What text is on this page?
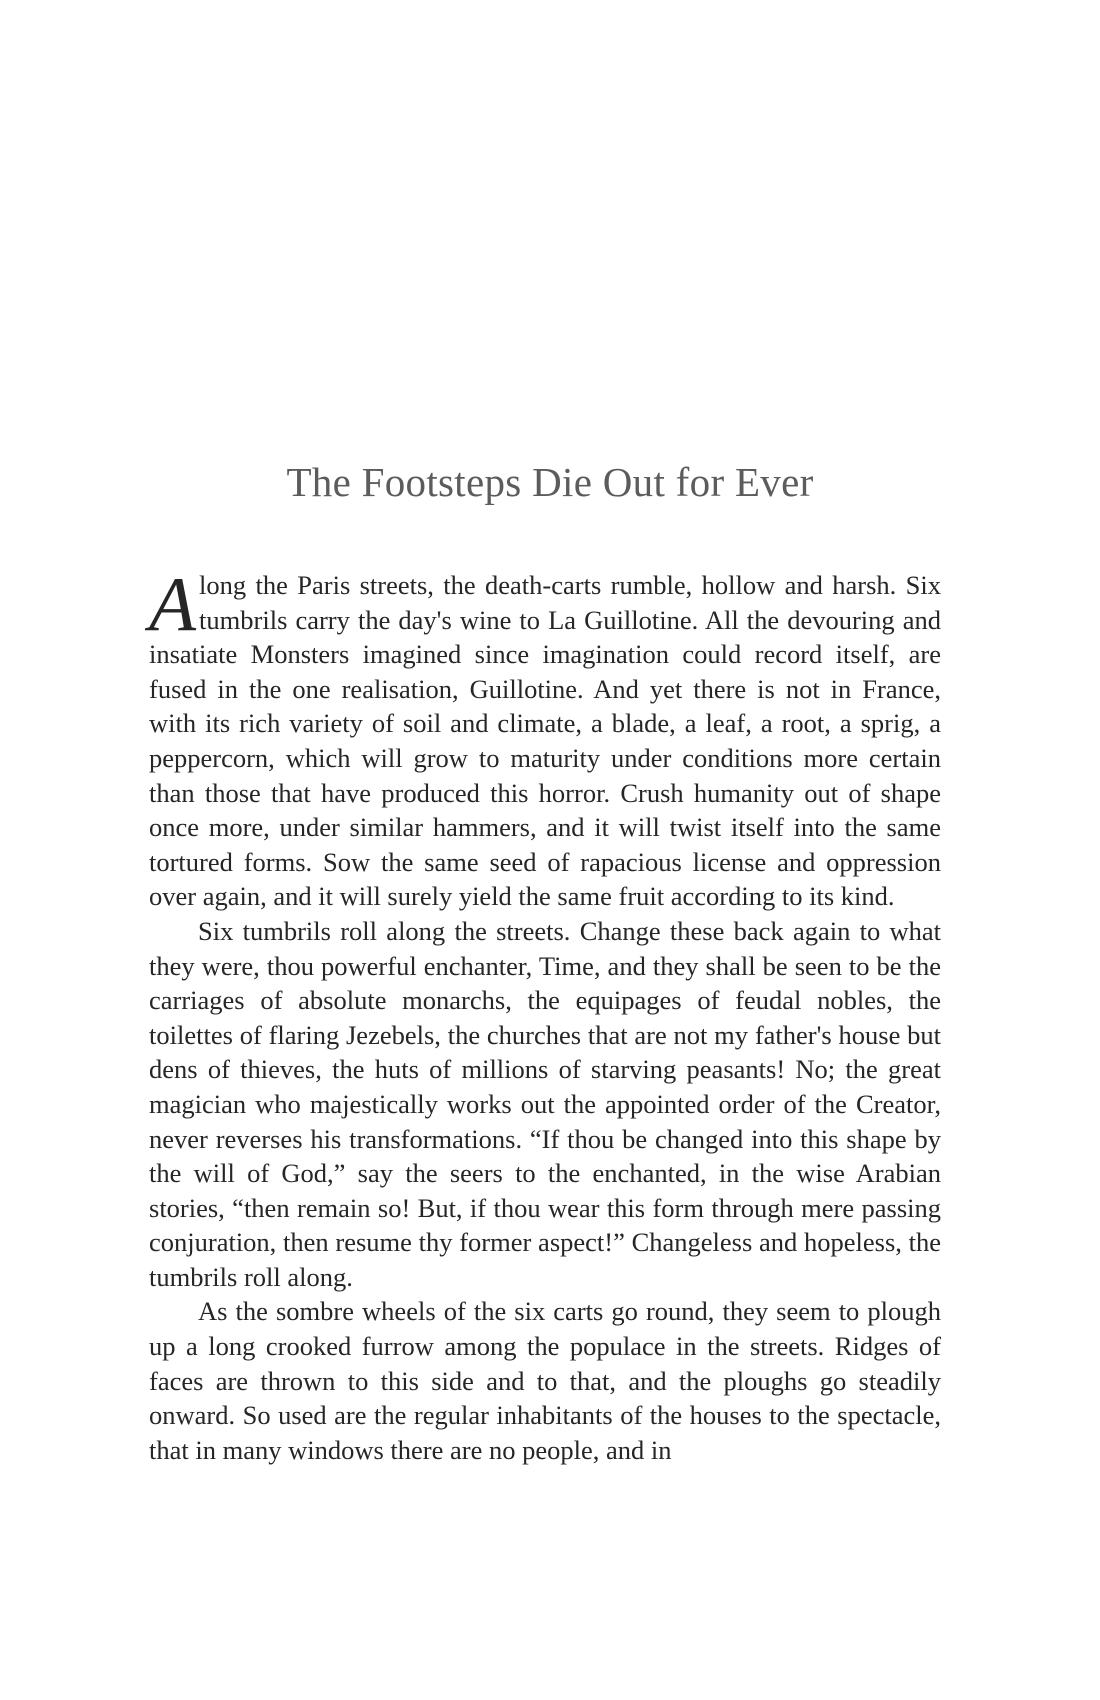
The Footsteps Die Out for Ever

Along the Paris streets, the death-carts rumble, hollow and harsh. Six tumbrils carry the day's wine to La Guillotine. All the devouring and insatiate Monsters imagined since imagination could record itself, are fused in the one realisation, Guillotine. And yet there is not in France, with its rich variety of soil and climate, a blade, a leaf, a root, a sprig, a peppercorn, which will grow to maturity under conditions more certain than those that have produced this horror. Crush humanity out of shape once more, under similar hammers, and it will twist itself into the same tortured forms. Sow the same seed of rapacious license and oppression over again, and it will surely yield the same fruit according to its kind.

Six tumbrils roll along the streets. Change these back again to what they were, thou powerful enchanter, Time, and they shall be seen to be the carriages of absolute monarchs, the equipages of feudal nobles, the toilettes of flaring Jezebels, the churches that are not my father's house but dens of thieves, the huts of millions of starving peasants! No; the great magician who majestically works out the appointed order of the Creator, never reverses his transformations. “If thou be changed into this shape by the will of God,” say the seers to the enchanted, in the wise Arabian stories, “then remain so! But, if thou wear this form through mere passing conjuration, then resume thy former aspect!” Changeless and hopeless, the tumbrils roll along.

As the sombre wheels of the six carts go round, they seem to plough up a long crooked furrow among the populace in the streets. Ridges of faces are thrown to this side and to that, and the ploughs go steadily onward. So used are the regular inhabitants of the houses to the spectacle, that in many windows there are no people, and in
